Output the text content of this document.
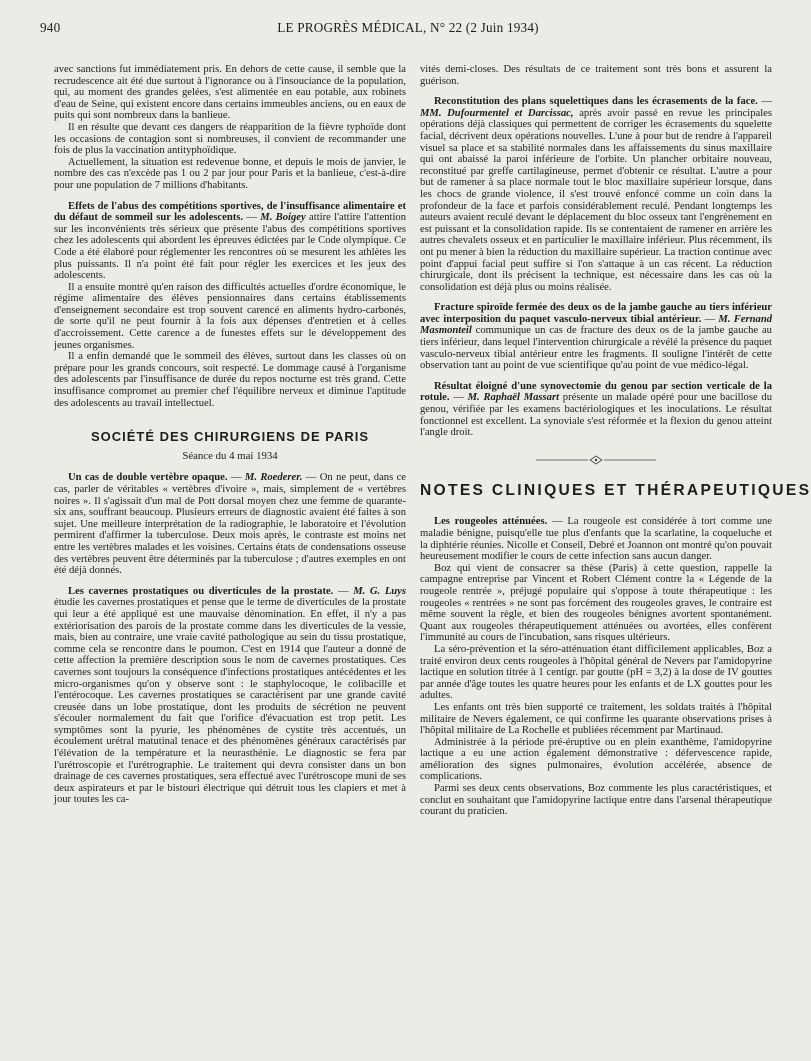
940	LE PROGRÈS MÉDICAL, N° 22 (2 Juin 1934)

avec sanctions fut immédiatement pris. En dehors de cette cause, il semble que la recrudescence ait été due surtout à l'ignorance ou à l'insouciance de la population, qui, au moment des grandes gelées, s'est alimentée en eau potable, aux robinets d'eau de Seine, qui existent encore dans certains immeubles anciens, ou en eaux de puits qui sont nombreux dans la banlieue.

Il en résulte que devant ces dangers de réapparition de la fièvre typhoïde dont les occasions de contagion sont si nombreuses, il convient de recommander une fois de plus la vaccination antityphoïdique.

Actuellement, la situation est redevenue bonne, et depuis le mois de janvier, le nombre des cas n'excède pas 1 ou 2 par jour pour Paris et la banlieue, c'est-à-dire pour une population de 7 millions d'habitants.

Effets de l'abus des compétitions sportives, de l'insuffisance alimentaire et du défaut de sommeil sur les adolescents. — M. Boigey attire l'attire l'attention sur les inconvénients très sérieux que présente l'abus des compétitions sportives chez les adolescents qui abordent les épreuves édictées par le Code olympique. Ce Code a été élaboré pour réglementer les rencontres où se mesurent les athlètes les plus puissants. Il n'a point été fait pour régler les exercices et les jeux des adolescents.

Il a ensuite montré qu'en raison des difficultés actuelles d'ordre économique, le régime alimentaire des élèves pensionnaires dans certains établissements d'enseignement secondaire est trop souvent carencé en aliments hydro-carbonés, de sorte qu'il ne peut fournir à la fois aux dépenses d'entretien et à celles d'accroissement. Cette carence a de funestes effets sur le développement des jeunes organismes.

Il a enfin demandé que le sommeil des élèves, surtout dans les classes où on prépare pour les grands concours, soit respecté. Le dommage causé à l'organisme des adolescents par l'insuffisance de durée du repos nocturne est très grand. Cette insuffisance compromet au premier chef l'équilibre nerveux et diminue l'aptitude des adolescents au travail intellectuel.

SOCIÉTÉ DES CHIRURGIENS DE PARIS

Séance du 4 mai 1934

Un cas de double vertèbre opaque. — M. Roederer. — On ne peut, dans ce cas, parler de véritables « vertèbres d'ivoire », mais, simplement de « vertèbres noires ». Il s'agissait d'un mal de Pott dorsal moyen chez une femme de quarante-six ans, souffrant beaucoup. Plusieurs erreurs de diagnostic avaient été faites à son sujet. Une meilleure interprétation de la radiographie, le laboratoire et l'évolution permirent d'affirmer la tuberculose. Deux mois après, le contraste est moins net entre les vertèbres malades et les voisines. Certains états de condensations osseuse des vertèbres peuvent être déterminés par la tuberculose ; d'autres exemples en ont été déjà donnés.

Les cavernes prostatiques ou diverticules de la prostate. — M. G. Luys étudie les cavernes prostatiques et pense que le terme de diverticules de la prostate qui leur a été appliqué est une mauvaise dénomination. En effet, il n'y a pas extériorisation des parois de la prostate comme dans les diverticules de la vessie, mais, bien au contraire, une vraie cavité pathologique au sein du tissu prostatique, comme cela se rencontre dans le poumon. C'est en 1914 que l'auteur a donné de cette affection la première description sous le nom de cavernes prostatiques. Ces cavernes sont toujours la conséquence d'infections prostatiques antécédentes et les micro-organismes qu'on y observe sont : le staphylocoque, le colibacille et l'entérocoque. Les cavernes prostatiques se caractérisent par une grande cavité creusée dans un lobe prostatique, dont les produits de sécrétion ne peuvent s'écouler normalement du fait que l'orifice d'évacuation est trop petit. Les symptômes sont la pyurie, les phénomènes de cystite très accentués, un écoulement urétral matutinal tenace et des phénomènes généraux caractérisés par l'élévation de la température et la neurasthénie. Le diagnostic se fera par l'urétroscopie et l'urétrographie. Le traitement qui devra consister dans un bon drainage de ces cavernes prostatiques, sera effectué avec l'urétroscope muni de ses deux aspirateurs et par le bistouri électrique qui détruit tous les clapiers et met à jour toutes les ca-

vités demi-closes. Des résultats de ce traitement sont très bons et assurent la guérison.

Reconstitution des plans squelettiques dans les écrasements de la face. — MM. Dufourmentel et Darcissac, après avoir passé en revue les principales opérations déjà classiques qui permettent de corriger les écrasements du squelette facial, décrivent deux opérations nouvelles. L'une à pour but de rendre à l'appareil visuel sa place et sa stabilité normales dans les affaissements du sinus maxillaire qui ont abaissé la paroi inférieure de l'orbite. Un plancher orbitaire nouveau, reconstitué par greffe cartilagineuse, permet d'obtenir ce résultat. L'autre a pour but de ramener à sa place normale tout le bloc maxillaire supérieur lorsque, dans les chocs de grande violence, il s'est trouvé enfoncé comme un coin dans la profondeur de la face et parfois considérablement reculé. Pendant longtemps les auteurs avaient reculé devant le déplacement du bloc osseux tant l'engrènement en est puissant et la consolidation rapide. Ils se contentaient de ramener en arrière les autres chevalets osseux et en particulier le maxillaire inférieur. Plus récemment, ils ont pu mener à bien la réduction du maxillaire supérieur. La traction continue avec point d'appui facial peut suffire si l'on s'attaque à un cas récent. La réduction chirurgicale, dont ils précisent la technique, est nécessaire dans les cas où la consolidation est déjà plus ou moins réalisée.

Fracture spiroïde fermée des deux os de la jambe gauche au tiers inférieur avec interposition du paquet vasculo-nerveux tibial antérieur. — M. Fernand Masmonteil communique un cas de fracture des deux os de la jambe gauche au tiers inférieur, dans lequel l'intervention chirurgicale a révélé la présence du paquet vasculo-nerveux tibial antérieur entre les fragments. Il souligne l'intérêt de cette observation tant au point de vue scientifique qu'au point de vue médico-légal.

Résultat éloigné d'une synovectomie du genou par section verticale de la rotule. — M. Raphaël Massart présente un malade opéré pour une bacillose du genou, vérifiée par les examens bactériologiques et les inoculations. Le résultat fonctionnel est excellent. La synoviale s'est réformée et la flexion du genou atteint l'angle droit.

NOTES CLINIQUES ET THÉRAPEUTIQUES

Les rougeoles atténuées. — La rougeole est considérée à tort comme une maladie bénigne, puisqu'elle tue plus d'enfants que la scarlatine, la coqueluche et la diphtérie réunies. Nicolle et Conseil, Debré et Joannon ont montré qu'on pouvait heureusement modifier le cours de cette infection sans aucun danger.

Boz qui vient de consacrer sa thèse (Paris) à cette question, rappelle la campagne entreprise par Vincent et Robert Clément contre la « Légende de la rougeole rentrée », préjugé populaire qui s'oppose à toute thérapeutique : les rougeoles « rentrées » ne sont pas forcément des rougeoles graves, le contraire est même souvent la règle, et bien des rougeoles bénignes avortent spontanément. Quant aux rougeoles thérapeutiquement atténuées ou avortées, elles confèrent l'immunité au cours de l'incubation, sans risques ultérieurs.

La séro-prévention et la séro-atténuation étant difficilement applicables, Boz a traité environ deux cents rougeoles à l'hôpital général de Nevers par l'amidopyrine lactique en solution titrée à 1 centigr. par goutte (pH = 3,2) à la dose de IV gouttes par année d'âge toutes les quatre heures pour les enfants et de LX gouttes pour les adultes.

Les enfants ont très bien supporté ce traitement, les soldats traités à l'hôpital militaire de Nevers également, ce qui confirme les quarante observations prises à l'hôpital militaire de La Rochelle et publiées récemment par Martinaud.

Administrée à la période pré-éruptive ou en plein exanthème, l'amidopyrine lactique a eu une action également démonstrative : défervescence rapide, amélioration des signes pulmonaires, évolution accélérée, absence de complications.

Parmi ses deux cents observations, Boz commente les plus caractéristiques, et conclut en souhaitant que l'amidopyrine lactique entre dans l'arsenal thérapeutique courant du praticien.
